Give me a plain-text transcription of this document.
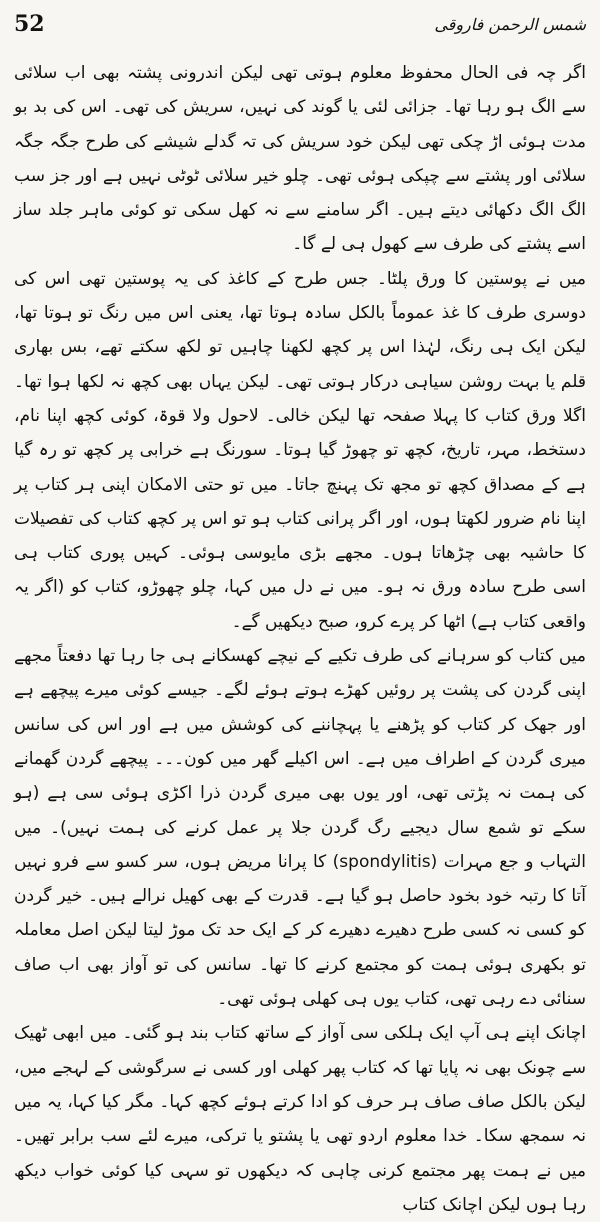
52	شمس الرحمن فاروقی

اگر چہ فی الحال محفوظ معلوم ہوتی تھی لیکن اندرونی پشتہ بھی اب سلائی سے الگ ہو رہا تھا۔ جزائی لئی یا گوند کی نہیں، سریش کی تھی۔ اس کی بد بو مدت ہوئی اڑ چکی تھی لیکن خود سریش کی تہ گدلے شیشے کی طرح جگہ جگہ سلائی اور پشتے سے چپکی ہوئی تھی۔ چلو خیر سلائی ٹوٹی نہیں ہے اور جز سب الگ الگ دکھائی دیتے ہیں۔ اگر سامنے سے نہ کھل سکی تو کوئی ماہر جلد ساز اسے پشتے کی طرف سے کھول ہی لے گا۔

میں نے پوستین کا ورق پلٹا۔ جس طرح کے کاغذ کی یہ پوستین تھی اس کی دوسری طرف کا غذ عموماً بالکل سادہ ہوتا تھا، یعنی اس میں رنگ تو ہوتا تھا، لیکن ایک ہی رنگ، لہٰذا اس پر کچھ لکھنا چاہیں تو لکھ سکتے تھے، بس بھاری قلم یا بہت روشن سیاہی درکار ہوتی تھی۔ لیکن یہاں بھی کچھ نہ لکھا ہوا تھا۔ اگلا ورق کتاب کا پہلا صفحہ تھا لیکن خالی۔ لاحول ولا قوۃ، کوئی کچھ اپنا نام، دستخط، مہر، تاریخ، کچھ تو چھوڑ گیا ہوتا۔ سورنگ ہے خرابی پر کچھ تو رہ گیا ہے کے مصداق کچھ تو مجھ تک پہنچ جاتا۔ میں تو حتی الامکان اپنی ہر کتاب پر اپنا نام ضرور لکھتا ہوں، اور اگر پرانی کتاب ہو تو اس پر کچھ کتاب کی تفصیلات کا حاشیہ بھی چڑھاتا ہوں۔ مجھے بڑی مایوسی ہوئی۔ کہیں پوری کتاب ہی اسی طرح سادہ ورق نہ ہو۔ میں نے دل میں کہا، چلو چھوڑو، کتاب کو (اگر یہ واقعی کتاب ہے) اٹھا کر پرے کرو، صبح دیکھیں گے۔

میں کتاب کو سرہانے کی طرف تکیے کے نیچے کھسکانے ہی جا رہا تھا دفعتاً مجھے اپنی گردن کی پشت پر روئیں کھڑے ہوتے ہوئے لگے۔ جیسے کوئی میرے پیچھے ہے اور جھک کر کتاب کو پڑھنے یا پہچاننے کی کوشش میں ہے اور اس کی سانس میری گردن کے اطراف میں ہے۔ اس اکیلے گھر میں کون۔۔۔ پیچھے گردن گھمانے کی ہمت نہ پڑتی تھی، اور یوں بھی میری گردن ذرا اکڑی ہوئی سی ہے (ہو سکے تو شمع سال دیجیے رگ گردن جلا پر عمل کرنے کی ہمت نہیں)۔ میں التہاب و جع مہرات (spondylitis) کا پرانا مریض ہوں، سر کسو سے فرو نہیں آتا کا رتبہ خود بخود حاصل ہو گیا ہے۔ قدرت کے بھی کھیل نرالے ہیں۔ خیر گردن کو کسی نہ کسی طرح دھیرے دھیرے کر کے ایک حد تک موڑ لیتا لیکن اصل معاملہ تو بکھری ہوئی ہمت کو مجتمع کرنے کا تھا۔ سانس کی تو آواز بھی اب صاف سنائی دے رہی تھی، کتاب یوں ہی کھلی ہوئی تھی۔

اچانک اپنے ہی آپ ایک ہلکی سی آواز کے ساتھ کتاب بند ہو گئی۔ میں ابھی ٹھیک سے چونک بھی نہ پایا تھا کہ کتاب پھر کھلی اور کسی نے سرگوشی کے لہجے میں، لیکن بالکل صاف صاف ہر حرف کو ادا کرتے ہوئے کچھ کہا۔ مگر کیا کہا، یہ میں نہ سمجھ سکا۔ خدا معلوم اردو تھی یا پشتو یا ترکی، میرے لئے سب برابر تھیں۔ میں نے ہمت پھر مجتمع کرنی چاہی کہ دیکھوں تو سہی کیا کوئی خواب دیکھ رہا ہوں لیکن اچانک کتاب
